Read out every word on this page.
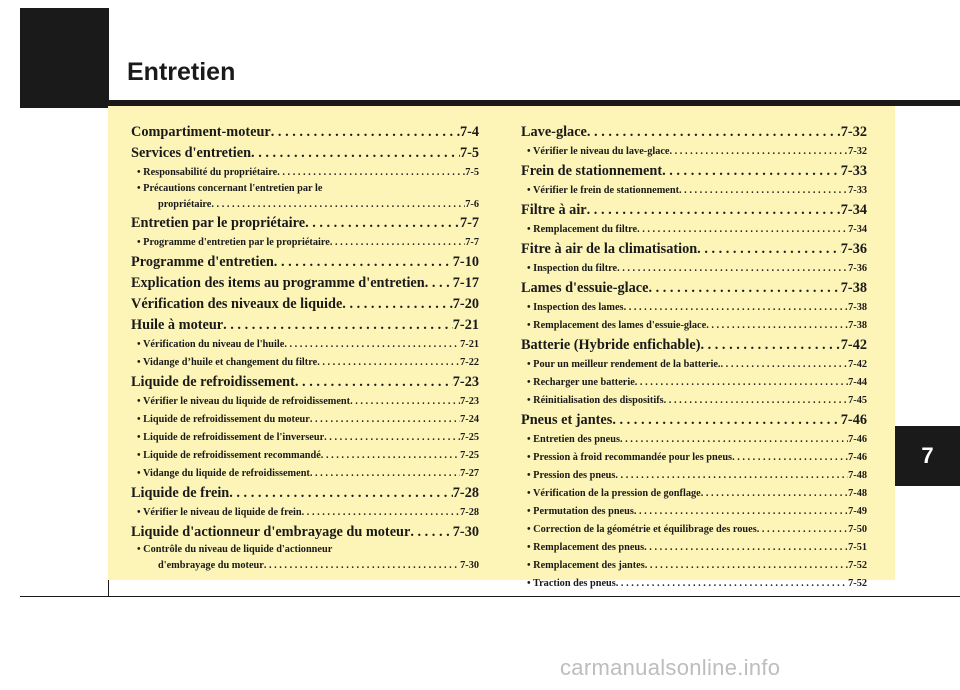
Entretien
7
Compartiment-moteur . . .	7-4
Services d'entretien . . .	7-5
• Responsabilité du propriétaire . . .	7-5
• Précautions concernant l'entretien par le
propriétaire . . .	7-6
Entretien par le propriétaire . . .	7-7
• Programme d'entretien par le propriétaire . . .	7-7
Programme d'entretien . . .	7-10
Explication des items au programme d'entretien . . . 7-17
Vérification des niveaux de liquide . . .	7-20
Huile à moteur . . .	7-21
• Vérification du niveau de l'huile . . .	7-21
• Vidange d’huile et changement du filtre . . .	7-22
Liquide de refroidissement . . .	7-23
• Vérifier le niveau du liquide de refroidissement . . .	7-23
• Liquide de refroidissement du moteur . . .	7-24
• Liquide de refroidissement de l'inverseur . . .	7-25
• Liquide de refroidissement recommandé . . .	7-25
• Vidange du liquide de refroidissement . . .	7-27
Liquide de frein . . .	7-28
• Vérifier le niveau de liquide de frein . . .	7-28
Liquide d'actionneur d'embrayage du moteur . . .	7-30
• Contrôle du niveau de liquide d'actionneur
d'embrayage du moteur . . .	7-30
Lave-glace . . .	7-32
• Vérifier le niveau du lave-glace . . .	7-32
Frein de stationnement . . .	7-33
• Vérifier le frein de stationnement . . .	7-33
Filtre à air . . .	7-34
• Remplacement du filtre . . .	7-34
Fitre à air de la climatisation . . .	7-36
• Inspection du filtre . . .	7-36
Lames d'essuie-glace . . .	7-38
• Inspection des lames . . .	7-38
• Remplacement des lames d'essuie-glace . . .	7-38
Batterie (Hybride enfichable) . . .	7-42
• Pour un meilleur rendement de la batterie. . . .	7-42
• Recharger une batterie . . .	7-44
• Réinitialisation des dispositifs . . .	7-45
Pneus et jantes . . .	7-46
• Entretien des pneus . . .	7-46
• Pression à froid recommandée pour les pneus . . .	7-46
• Pression des pneus . . .	7-48
• Vérification de la pression de gonflage . . .	7-48
• Permutation des pneus . . .	7-49
• Correction de la géométrie et équilibrage des roues . . .	7-50
• Remplacement des pneus . . .	7-51
• Remplacement des jantes . . .	7-52
• Traction des pneus . . .	7-52
carmanualsonline.info
